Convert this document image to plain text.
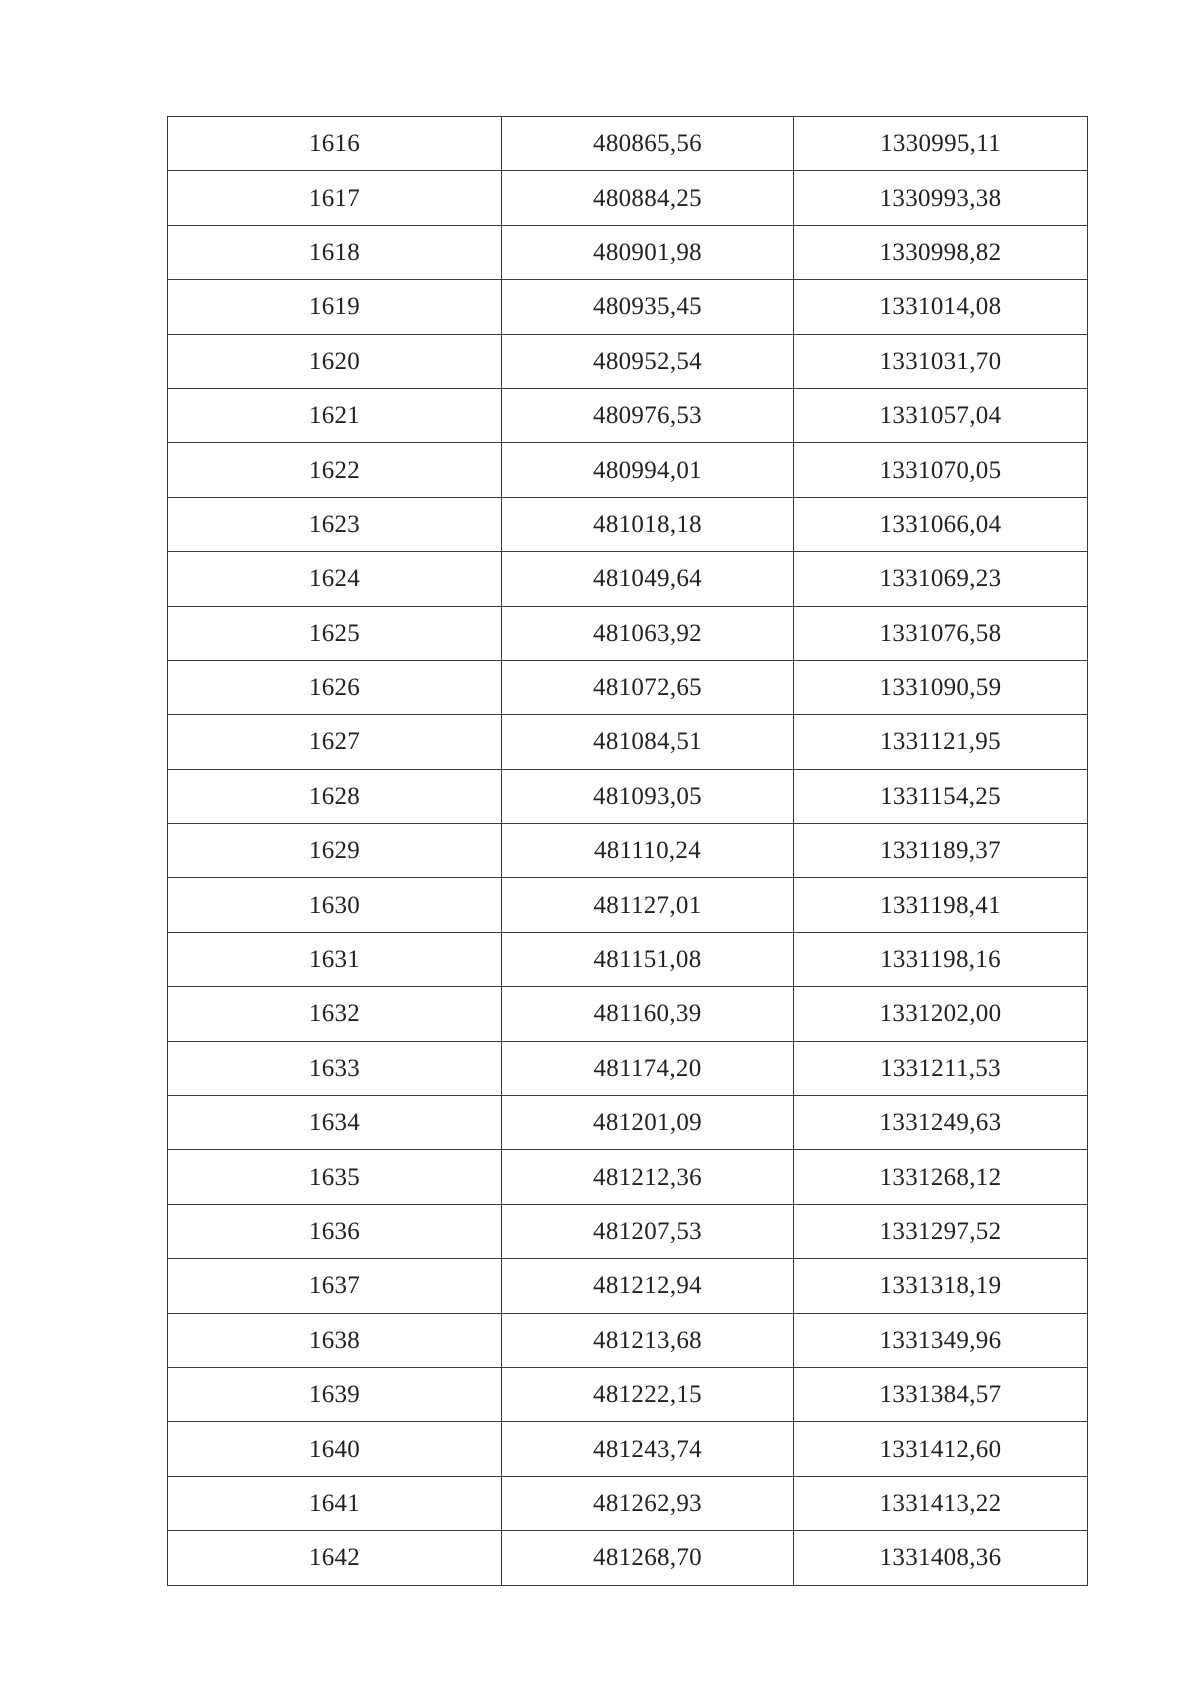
1616	480865,56	1330995,11
1617	480884,25	1330993,38
1618	480901,98	1330998,82
1619	480935,45	1331014,08
1620	480952,54	1331031,70
1621	480976,53	1331057,04
1622	480994,01	1331070,05
1623	481018,18	1331066,04
1624	481049,64	1331069,23
1625	481063,92	1331076,58
1626	481072,65	1331090,59
1627	481084,51	1331121,95
1628	481093,05	1331154,25
1629	481110,24	1331189,37
1630	481127,01	1331198,41
1631	481151,08	1331198,16
1632	481160,39	1331202,00
1633	481174,20	1331211,53
1634	481201,09	1331249,63
1635	481212,36	1331268,12
1636	481207,53	1331297,52
1637	481212,94	1331318,19
1638	481213,68	1331349,96
1639	481222,15	1331384,57
1640	481243,74	1331412,60
1641	481262,93	1331413,22
1642	481268,70	1331408,36
